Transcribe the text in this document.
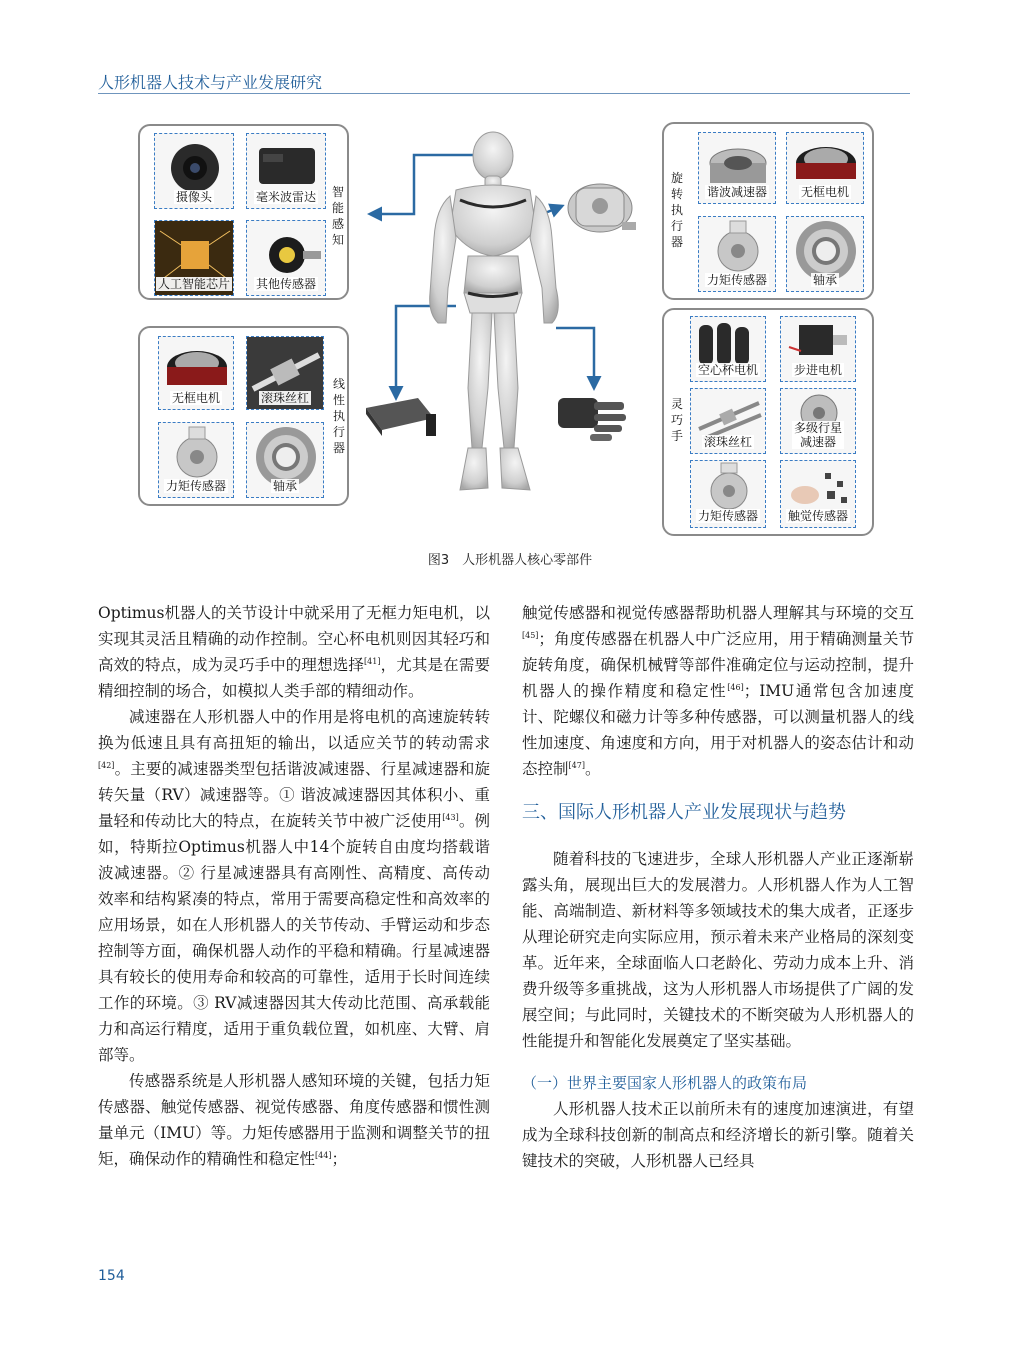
人形机器人技术与产业发展研究
摄像头	毫米波雷达
人工智能芯片	其他传感器
智能感知
无框电机	滚珠丝杠
力矩传感器	轴承
线性执行器
旋转执行器
谐波减速器	无框电机
力矩传感器	轴承
灵巧手
空心杯电机	步进电机
滚珠丝杠
多级行星减速器
力矩传感器	触觉传感器
图3　人形机器人核心零部件

Optimus机器人的关节设计中就采用了无框力矩电机，以实现其灵活且精确的动作控制。空心杯电机则因其轻巧和高效的特点，成为灵巧手中的理想选择[41]，尤其是在需要精细控制的场合，如模拟人类手部的精细动作。

减速器在人形机器人中的作用是将电机的高速旋转转换为低速且具有高扭矩的输出，以适应关节的转动需求[42]。主要的减速器类型包括谐波减速器、行星减速器和旋转矢量（RV）减速器等。① 谐波减速器因其体积小、重量轻和传动比大的特点，在旋转关节中被广泛使用[43]。例如，特斯拉Optimus机器人中14个旋转自由度均搭载谐波减速器。② 行星减速器具有高刚性、高精度、高传动效率和结构紧凑的特点，常用于需要高稳定性和高效率的应用场景，如在人形机器人的关节传动、手臂运动和步态控制等方面，确保机器人动作的平稳和精确。行星减速器具有较长的使用寿命和较高的可靠性，适用于长时间连续工作的环境。③ RV减速器因其大传动比范围、高承载能力和高运行精度，适用于重负载位置，如机座、大臂、肩部等。

传感器系统是人形机器人感知环境的关键，包括力矩传感器、触觉传感器、视觉传感器、角度传感器和惯性测量单元（IMU）等。力矩传感器用于监测和调整关节的扭矩，确保动作的精确性和稳定性[44]；

触觉传感器和视觉传感器帮助机器人理解其与环境的交互[45]；角度传感器在机器人中广泛应用，用于精确测量关节旋转角度，确保机械臂等部件准确定位与运动控制，提升机器人的操作精度和稳定性[46]；IMU通常包含加速度计、陀螺仪和磁力计等多种传感器，可以测量机器人的线性加速度、角速度和方向，用于对机器人的姿态估计和动态控制[47]。

三、国际人形机器人产业发展现状与趋势

随着科技的飞速进步，全球人形机器人产业正逐渐崭露头角，展现出巨大的发展潜力。人形机器人作为人工智能、高端制造、新材料等多领域技术的集大成者，正逐步从理论研究走向实际应用，预示着未来产业格局的深刻变革。近年来，全球面临人口老龄化、劳动力成本上升、消费升级等多重挑战，这为人形机器人市场提供了广阔的发展空间；与此同时，关键技术的不断突破为人形机器人的性能提升和智能化发展奠定了坚实基础。

（一）世界主要国家人形机器人的政策布局

人形机器人技术正以前所未有的速度加速演进，有望成为全球科技创新的制高点和经济增长的新引擎。随着关键技术的突破，人形机器人已经具

154
